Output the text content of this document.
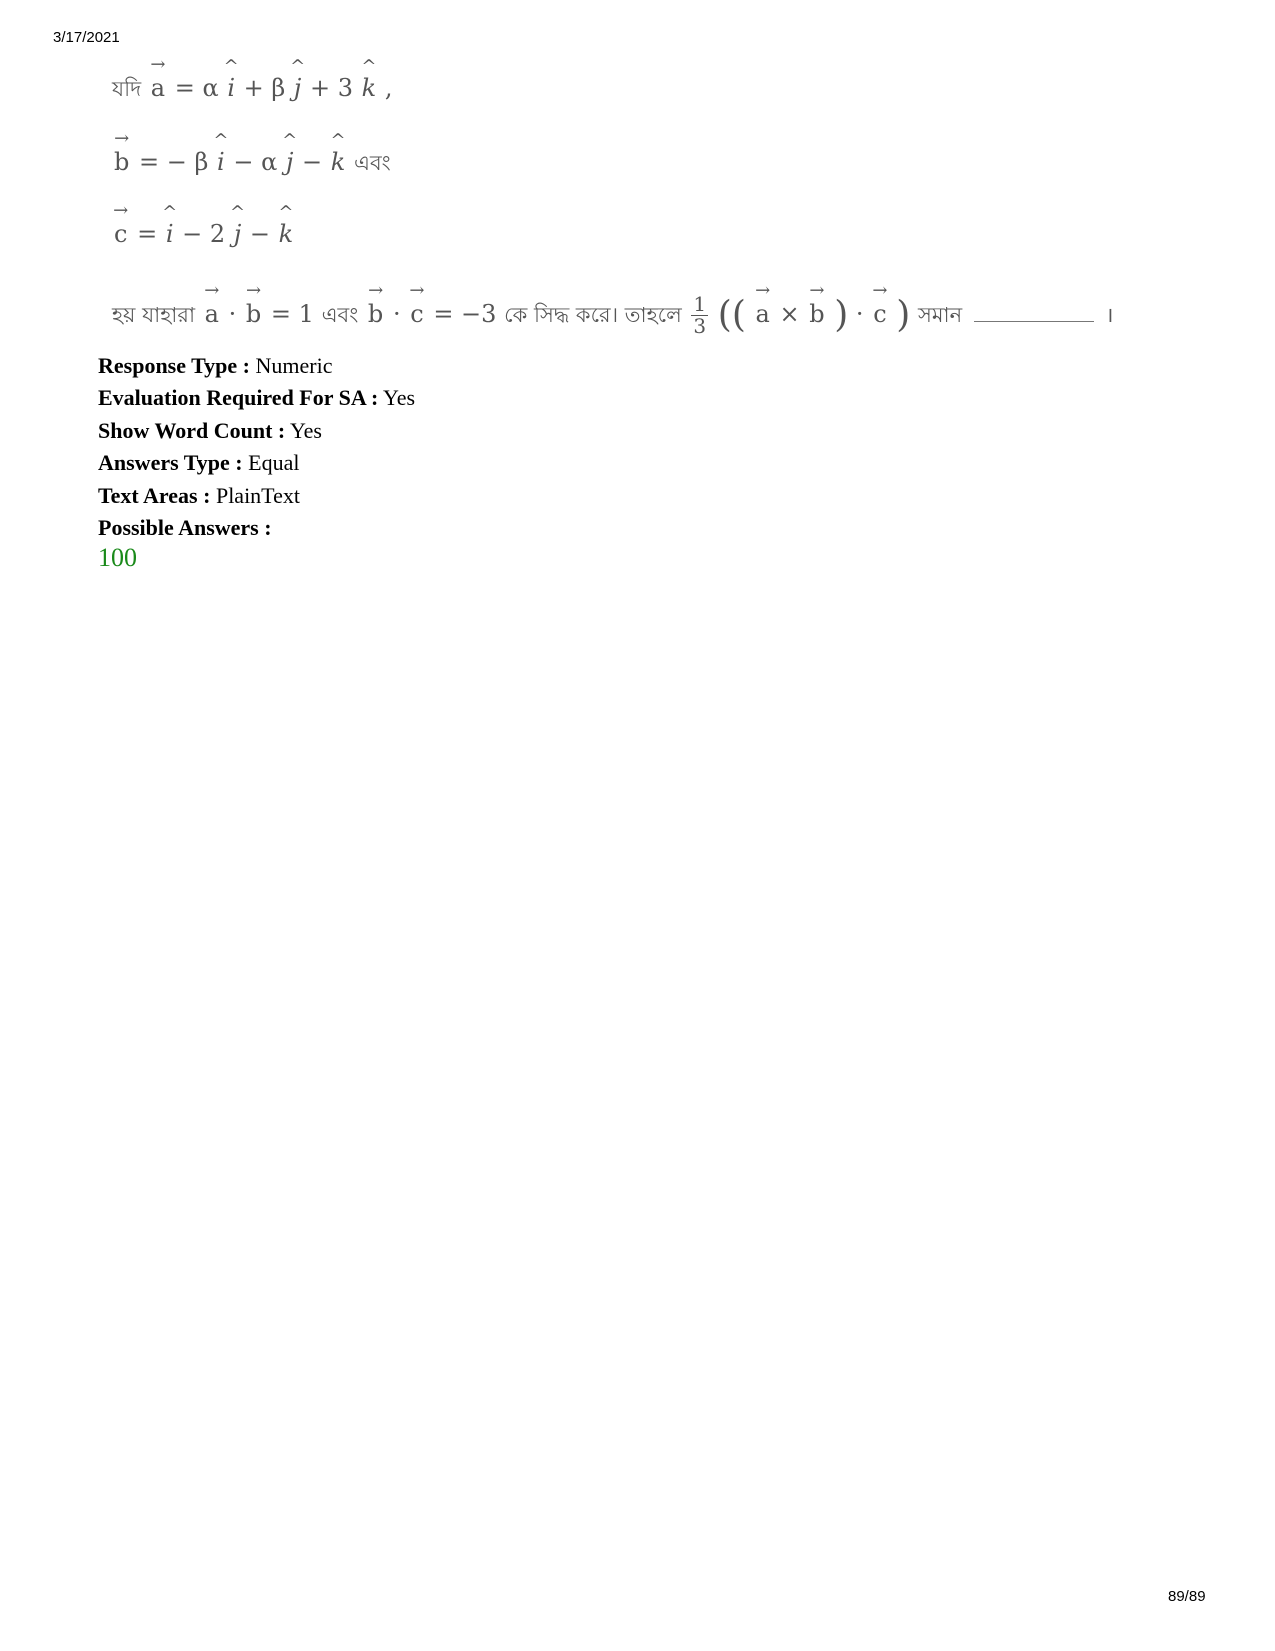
3/17/2021
যদি → a = α ^ i + β ^ j + 3 ^ k ,
→ b = − β ^ i − α ^ j − ^ k এবং
→ c = ^ i − 2 ^ j − ^ k
হয় যাহারা → a · → b = 1 এবং → b · → c = −3 কে সিদ্ধ করে। তাহলে $\frac{1}{3}$ (( → a × → b ) · → c ) সমান	।
Response Type : Numeric
Evaluation Required For SA : Yes
Show Word Count : Yes
Answers Type : Equal
Text Areas : PlainText
Possible Answers :
100
89/89
